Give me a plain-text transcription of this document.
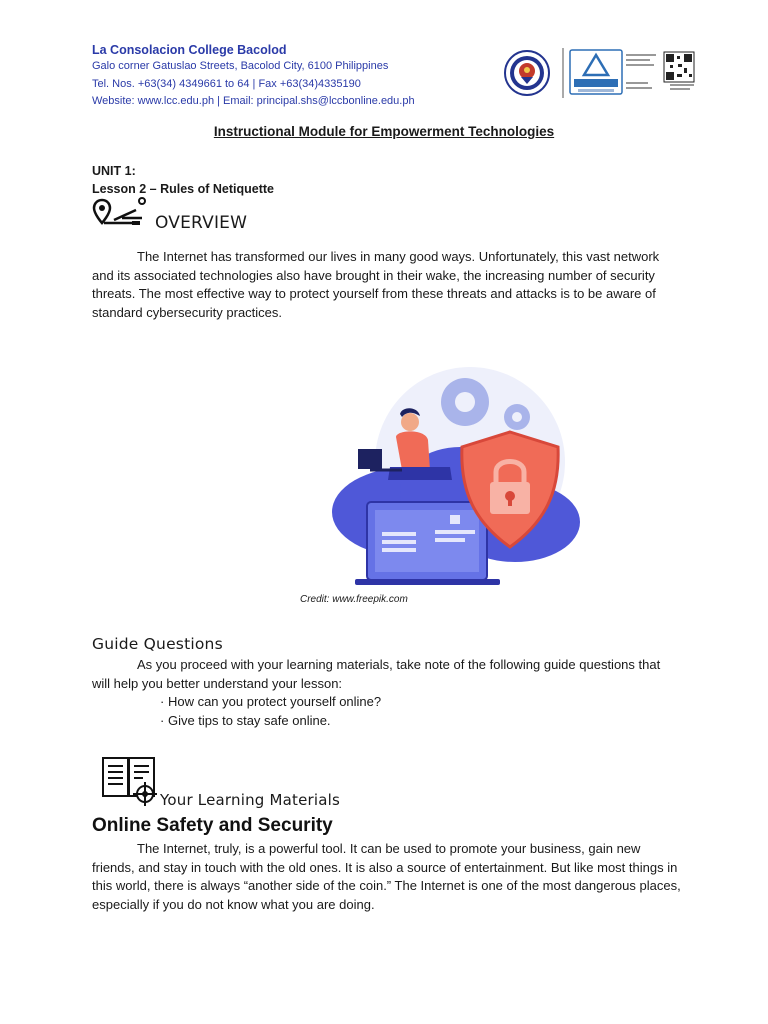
La Consolacion College Bacolod
Galo corner Gatuslao Streets, Bacolod City, 6100 Philippines
Tel. Nos. +63(34) 4349661 to 64 | Fax +63(34)4335190
Website: www.lcc.edu.ph | Email: principal.shs@lccbonline.edu.ph
Instructional Module for Empowerment Technologies
UNIT 1:
Lesson 2 – Rules of Netiquette
OVERVIEW
The Internet has transformed our lives in many good ways. Unfortunately, this vast network and its associated technologies also have brought in their wake, the increasing number of security threats. The most effective way to protect yourself from these threats and attacks is to be aware of standard cybersecurity practices.
Credit: www.freepik.com
Guide Questions
As you proceed with your learning materials, take note of the following guide questions that will help you better understand your lesson:
· How can you protect yourself online?
· Give tips to stay safe online.
Your Learning Materials
Online Safety and Security
The Internet, truly, is a powerful tool. It can be used to promote your business, gain new friends, and stay in touch with the old ones. It is also a source of entertainment. But like most things in this world, there is always “another side of the coin.” The Internet is one of the most dangerous places, especially if you do not know what you are doing.
